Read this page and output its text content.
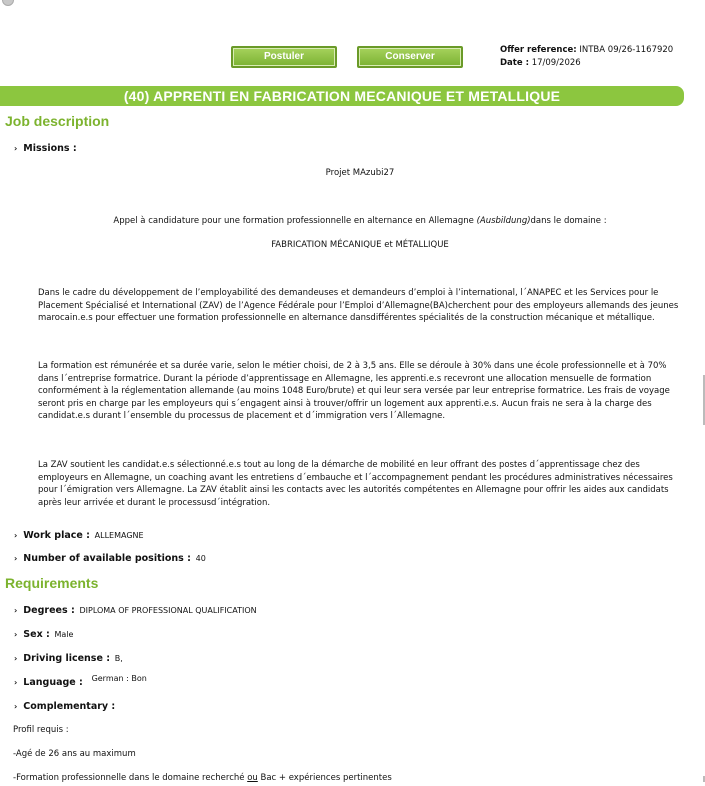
Postuler	Conserver
Offer reference: INTBA 09/26-1167920
Date : 17/09/2026
(40) APPRENTI EN FABRICATION MECANIQUE ET METALLIQUE
Job description
› Missions :
Projet MAzubi27
Appel à candidature pour une formation professionnelle en alternance en Allemagne (Ausbildung)dans le domaine :
FABRICATION MÉCANIQUE et MÉTALLIQUE
Dans le cadre du développement de l’employabilité des demandeuses et demandeurs d’emploi à l’international, l´ANAPEC et les Services pour le Placement Spécialisé et International (ZAV) de l’Agence Fédérale pour l’Emploi d’Allemagne(BA)cherchent pour des employeurs allemands des jeunes marocain.e.s pour effectuer une formation professionnelle en alternance dansdifférentes spécialités de la construction mécanique et métallique.
La formation est rémunérée et sa durée varie, selon le métier choisi, de 2 à 3,5 ans. Elle se déroule à 30% dans une école professionnelle et à 70% dans l´entreprise formatrice. Durant la période d’apprentissage en Allemagne, les apprenti.e.s recevront une allocation mensuelle de formation conformément à la réglementation allemande (au moins 1048 Euro/brute) et qui leur sera versée par leur entreprise formatrice. Les frais de voyage seront pris en charge par les employeurs qui s´engagent ainsi à trouver/offrir un logement aux apprenti.e.s. Aucun frais ne sera à la charge des candidat.e.s durant l´ensemble du processus de placement et d´immigration vers l´Allemagne.
La ZAV soutient les candidat.e.s sélectionné.e.s tout au long de la démarche de mobilité en leur offrant des postes d´apprentissage chez des employeurs en Allemagne, un coaching avant les entretiens d´embauche et l´accompagnement pendant les procédures administratives nécessaires pour l´émigration vers Allemagne. La ZAV établit ainsi les contacts avec les autorités compétentes en Allemagne pour offrir les aides aux candidats après leur arrivée et durant le processusd´intégration.
› Work place : ALLEMAGNE
› Number of available positions : 40
Requirements
› Degrees : DIPLOMA OF PROFESSIONAL QUALIFICATION
› Sex : Male
› Driving license : B,
› Language : German : Bon
› Complementary :
Profil requis :
-Agé de 26 ans au maximum
-Formation professionnelle dans le domaine recherché ou Bac + expériences pertinentes
